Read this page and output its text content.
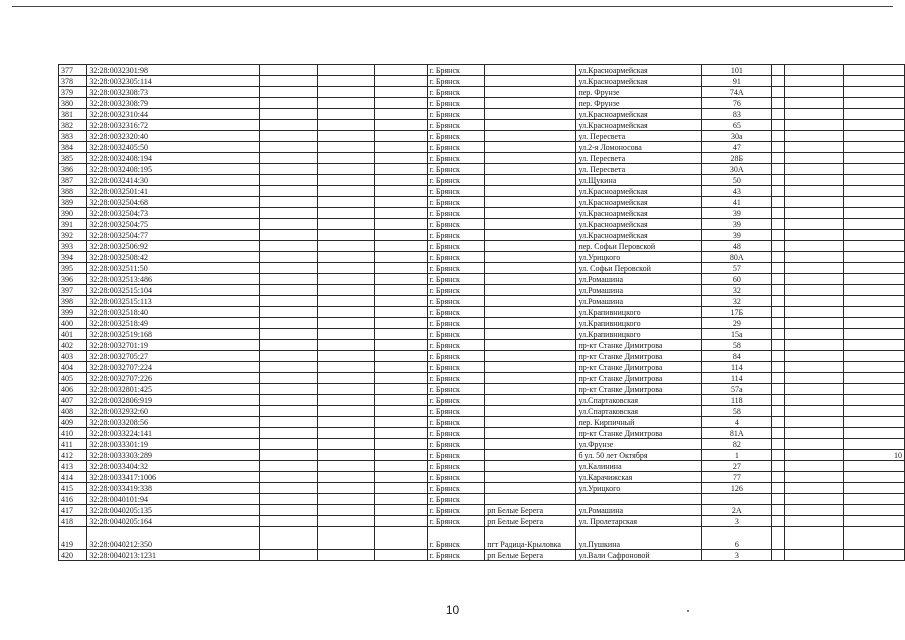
377	32:28:0032301:98				г. Брянск		ул.Красноармейская	101			
378	32:28:0032305:114				г. Брянск		ул.Красноармейская	91			
379	32:28:0032308:73				г. Брянск		пер. Фрунзе	74А			
380	32:28:0032308:79				г. Брянск		пер. Фрунзе	76			
381	32:28:0032310:44				г. Брянск		ул.Красноармейская	83			
382	32:28:0032316:72				г. Брянск		ул.Красноармейская	65			
383	32:28:0032320:40				г. Брянск		ул. Пересвета	30а			
384	32:28:0032405:50				г. Брянск		ул.2-я Ломоносова	47			
385	32:28:0032408:194				г. Брянск		ул. Пересвета	28Б			
386	32:28:0032408:195				г. Брянск		ул. Пересвета	30А			
387	32:28:0032414:30				г. Брянск		ул.Щукина	50			
388	32:28:0032501:41				г. Брянск		ул.Красноармейская	43			
389	32:28:0032504:68				г. Брянск		ул.Красноармейская	41			
390	32:28:0032504:73				г. Брянск		ул.Красноармейская	39			
391	32:28:0032504:75				г. Брянск		ул.Красноармейская	39			
392	32:28:0032504:77				г. Брянск		ул.Красноармейская	39			
393	32:28:0032506:92				г. Брянск		пер. Софьи Перовской	48			
394	32:28:0032508:42				г. Брянск		ул.Урицкого	80А			
395	32:28:0032511:50				г. Брянск		ул. Софьи Перовской	57			
396	32:28:0032513:486				г. Брянск		ул.Ромашина	60			
397	32:28:0032515:104				г. Брянск		ул.Ромашина	32			
398	32:28:0032515:113				г. Брянск		ул.Ромашина	32			
399	32:28:0032518:40				г. Брянск		ул.Крапивницкого	17Б			
400	32:28:0032518:49				г. Брянск		ул.Крапивницкого	29			
401	32:28:0032519:168				г. Брянск		ул.Крапивницкого	15а			
402	32:28:0032701:19				г. Брянск		пр-кт Станке Димитрова	58			
403	32:28:0032705:27				г. Брянск		пр-кт Станке Димитрова	84			
404	32:28:0032707:224				г. Брянск		пр-кт Станке Димитрова	114			
405	32:28:0032707:226				г. Брянск		пр-кт Станке Димитрова	114			
406	32:28:0032801:425				г. Брянск		пр-кт Станке Димитрова	57а			
407	32:28:0032806:919				г. Брянск		ул.Спартаковская	118			
408	32:28:0032932:60				г. Брянск		ул.Спартаковская	58			
409	32:28:0033208:56				г. Брянск		пер. Кирпичный	4			
410	32:28:0033224:141				г. Брянск		пр-кт Станке Димитрова	81А			
411	32:28:0033301:19				г. Брянск		ул.Фрунзе	82			
412	32:28:0033303:289				г. Брянск		б ул. 50 лет Октября	1			10
413	32:28:0033404:32				г. Брянск		ул.Калинина	27			
414	32:28:0033417:1006				г. Брянск		ул.Карачижская	77			
415	32:28:0033419:338				г. Брянск		ул.Урицкого	126			
416	32:28:0040101:94				г. Брянск						
417	32:28:0040205:135				г. Брянск	рп Белые Берега	ул.Ромашина	2А			
418	32:28:0040205:164				г. Брянск	рп Белые Берега	ул. Пролетарская	3			
419	32:28:0040212:350				г. Брянск	пгт Радица-Крыловка	ул.Пушкина	6			
420	32:28:0040213:1231				г. Брянск	рп Белые Берега	ул.Вали Сафроновой	3			
10
